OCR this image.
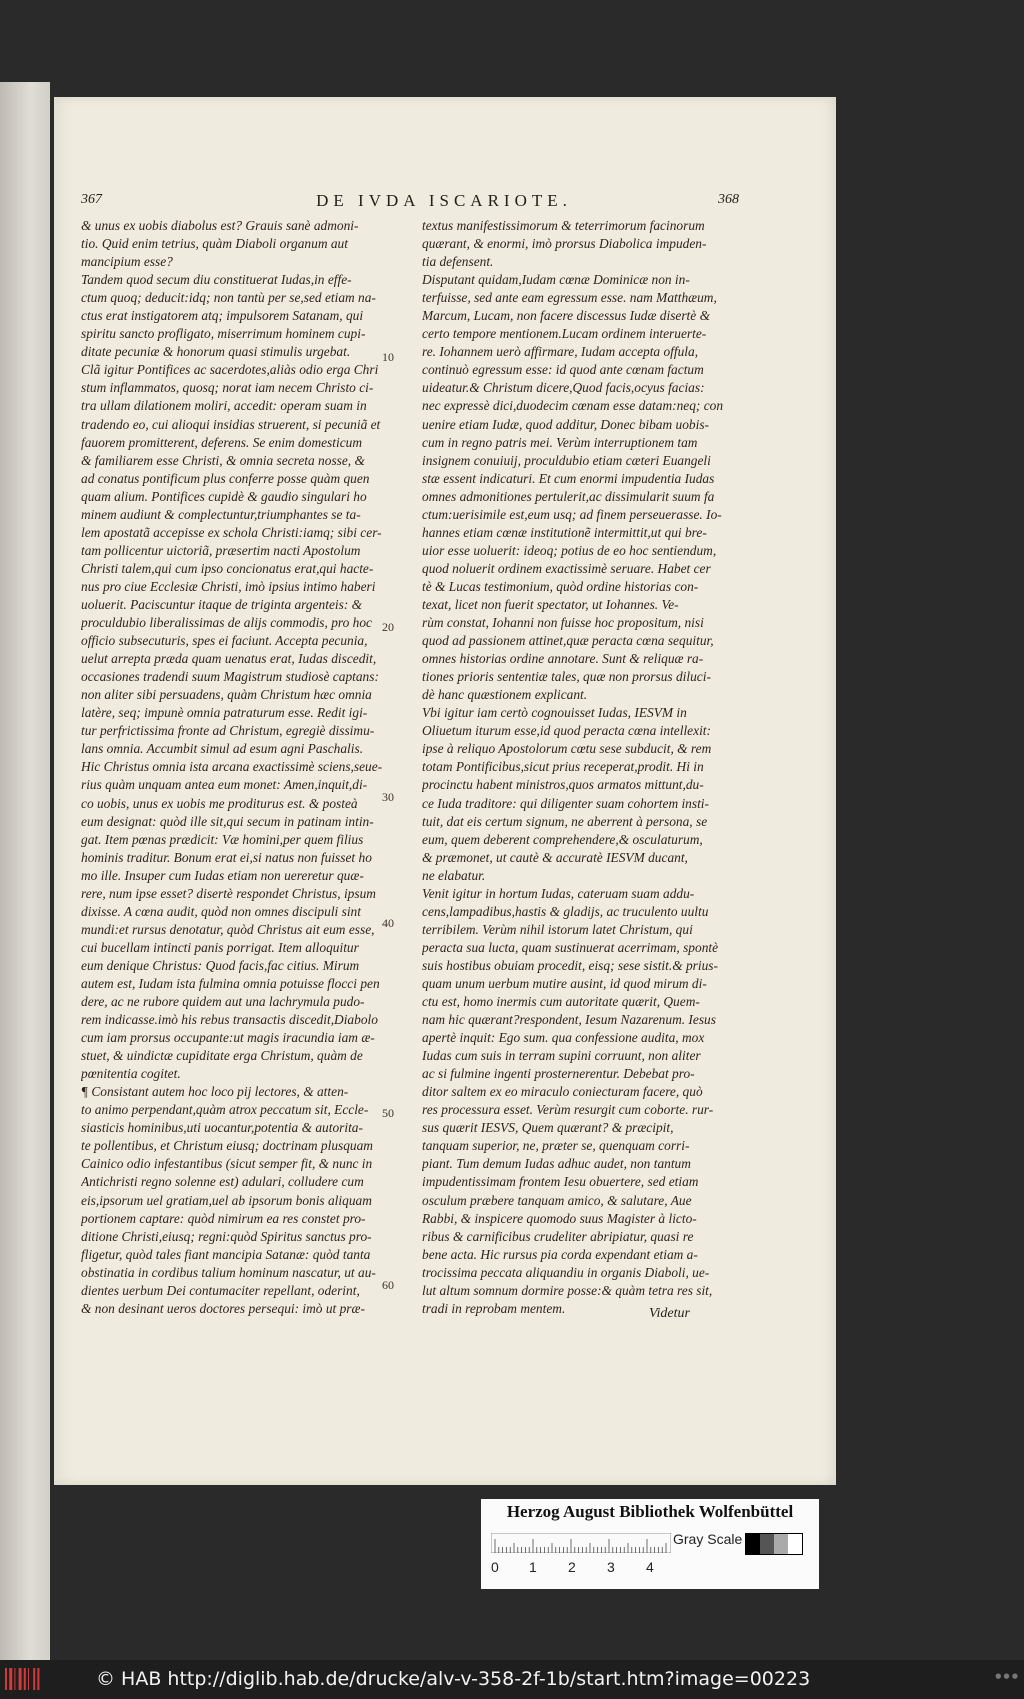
367	DE IVDA ISCARIOTE.	368
& unus ex uobis diabolus est? Grauis sanè admoni-
tio. Quid enim tetrius, quàm Diaboli organum aut
mancipium esse?
Tandem quod secum diu constituerat Iudas,in effe-
ctum quoq; deducit:idq; non tantù per se,sed etiam na-
ctus erat instigatorem atq; impulsorem Satanam, qui
spiritu sancto profligato, miserrimum hominem cupi-
ditate pecuniæ & honorum quasi stimulis urgebat.
Clã igitur Pontifices ac sacerdotes,aliàs odio erga Chri
stum inflammatos, quosq; norat iam necem Christo ci-
tra ullam dilationem moliri, accedit: operam suam in
tradendo eo, cui alioqui insidias struerent, si pecuniã et
fauorem promitterent, deferens. Se enim domesticum
& familiarem esse Christi, & omnia secreta nosse, &
ad conatus pontificum plus conferre posse quàm quen
quam alium. Pontifices cupidè & gaudio singulari ho
minem audiunt & complectuntur,triumphantes se ta-
lem apostatã accepisse ex schola Christi:iamq; sibi cer-
tam pollicentur uictoriã, præsertim nacti Apostolum
Christi talem,qui cum ipso concionatus erat,qui hacte-
nus pro ciue Ecclesiæ Christi, imò ipsius intimo haberi
uoluerit. Paciscuntur itaque de triginta argenteis: &
proculdubio liberalissimas de alijs commodis, pro hoc
officio subsecuturis, spes ei faciunt. Accepta pecunia,
uelut arrepta præda quam uenatus erat, Iudas discedit,
occasiones tradendi suum Magistrum studiosè captans:
non aliter sibi persuadens, quàm Christum hæc omnia
latère, seq; impunè omnia patraturum esse. Redit igi-
tur perfrictissima fronte ad Christum, egregiè dissimu-
lans omnia. Accumbit simul ad esum agni Paschalis.
Hic Christus omnia ista arcana exactissimè sciens,seue-
rius quàm unquam antea eum monet: Amen,inquit,di-
co uobis, unus ex uobis me proditurus est. & posteà
eum designat: quòd ille sit,qui secum in patinam intin-
gat. Item pœnas prædicit: Væ homini,per quem filius
hominis traditur. Bonum erat ei,si natus non fuisset ho
mo ille. Insuper cum Iudas etiam non uereretur quæ-
rere, num ipse esset? disertè respondet Christus, ipsum
dixisse. A cœna audit, quòd non omnes discipuli sint
mundi:et rursus denotatur, quòd Christus ait eum esse,
cui bucellam intincti panis porrigat. Item alloquitur
eum denique Christus: Quod facis,fac citius. Mirum
autem est, Iudam ista fulmina omnia potuisse flocci pen
dere, ac ne rubore quidem aut una lachrymula pudo-
rem indicasse.imò his rebus transactis discedit,Diabolo
cum iam prorsus occupante:ut magis iracundia iam æ-
stuet, & uindictæ cupiditate erga Christum, quàm de
pœnitentia cogitet.
¶ Consistant autem hoc loco pij lectores, & atten-
to animo perpendant,quàm atrox peccatum sit, Eccle-
siasticis hominibus,uti uocantur,potentia & autorita-
te pollentibus, et Christum eiusq; doctrinam plusquam
Cainico odio infestantibus (sicut semper fit, & nunc in
Antichristi regno solenne est) adulari, colludere cum
eis,ipsorum uel gratiam,uel ab ipsorum bonis aliquam
portionem captare: quòd nimirum ea res constet pro-
ditione Christi,eiusq; regni:quòd Spiritus sanctus pro-
fligetur, quòd tales fiant mancipia Satanæ: quòd tanta
obstinatia in cordibus talium hominum nascatur, ut au-
dientes uerbum Dei contumaciter repellant, oderint,
& non desinant ueros doctores persequi: imò ut præ-
textus manifestissimorum & teterrimorum facinorum
quærant, & enormi, imò prorsus Diabolica impuden-
tia defensent.
Disputant quidam,Iudam cœnæ Dominicæ non in-
terfuisse, sed ante eam egressum esse. nam Matthæum,
Marcum, Lucam, non facere discessus Iudæ disertè &
certo tempore mentionem.Lucam ordinem interuerte-
re. Iohannem uerò affirmare, Iudam accepta offula,
continuò egressum esse: id quod ante cœnam factum
uideatur.& Christum dicere,Quod facis,ocyus facias:
nec expressè dici,duodecim cœnam esse datam:neq; con
uenire etiam Iudæ, quod additur, Donec bibam uobis-
cum in regno patris mei. Verùm interruptionem tam
insignem conuiuij, proculdubio etiam cæteri Euangeli
stæ essent indicaturi. Et cum enormi impudentia Iudas
omnes admonitiones pertulerit,ac dissimularit suum fa
ctum:uerisimile est,eum usq; ad finem perseuerasse. Io-
hannes etiam cœnæ institutionẽ intermittit,ut qui bre-
uior esse uoluerit: ideoq; potius de eo hoc sentiendum,
quod noluerit ordinem exactissimè seruare. Habet cer
tè & Lucas testimonium, quòd ordine historias con-
texat, licet non fuerit spectator, ut Iohannes. Ve-
rùm constat, Iohanni non fuisse hoc propositum, nisi
quod ad passionem attinet,quæ peracta cœna sequitur,
omnes historias ordine annotare. Sunt & reliquæ ra-
tiones prioris sententiæ tales, quæ non prorsus diluci-
dè hanc quæstionem explicant.
Vbi igitur iam certò cognouisset Iudas, IESVM in
Oliuetum iturum esse,id quod peracta cœna intellexit:
ipse à reliquo Apostolorum cœtu sese subducit, & rem
totam Pontificibus,sicut prius receperat,prodit. Hi in
procinctu habent ministros,quos armatos mittunt,du-
ce Iuda traditore: qui diligenter suam cohortem insti-
tuit, dat eis certum signum, ne aberrent à persona, se
eum, quem deberent comprehendere,& osculaturum,
& præmonet, ut cautè & accuratè IESVM ducant,
ne elabatur.
Venit igitur in hortum Iudas, cateruam suam addu-
cens,lampadibus,hastis & gladijs, ac truculento uultu
terribilem. Verùm nihil istorum latet Christum, qui
peracta sua lucta, quam sustinuerat acerrimam, spontè
suis hostibus obuiam procedit, eisq; sese sistit.& prius-
quam unum uerbum mutire ausint, id quod mirum di-
ctu est, homo inermis cum autoritate quærit, Quem-
nam hic quærant?respondent, Iesum Nazarenum. Iesus
apertè inquit: Ego sum. qua confessione audita, mox
Iudas cum suis in terram supini corruunt, non aliter
ac si fulmine ingenti prosternerentur. Debebat pro-
ditor saltem ex eo miraculo coniecturam facere, quò
res processura esset. Verùm resurgit cum coborte. rur-
sus quærit IESVS, Quem quærant? & præcipit,
tanquam superior, ne, præter se, quenquam corri-
piant. Tum demum Iudas adhuc audet, non tantum
impudentissimam frontem Iesu obuertere, sed etiam
osculum præbere tanquam amico, & salutare, Aue
Rabbi, & inspicere quomodo suus Magister à licto-
ribus & carnificibus crudeliter abripiatur, quasi re
bene acta. Hic rursus pia corda expendant etiam a-
trocissima peccata aliquandiu in organis Diaboli, ue-
lut altum somnum dormire posse:& quàm tetra res sit,
tradi in reprobam mentem.
10
20
30
40
50
60
Videtur
Herzog August Bibliothek Wolfenbüttel
0 1 2 3 4
Gray Scale
© HAB http://diglib.hab.de/drucke/alv-v-358-2f-1b/start.htm?image=00223	● ● ●
